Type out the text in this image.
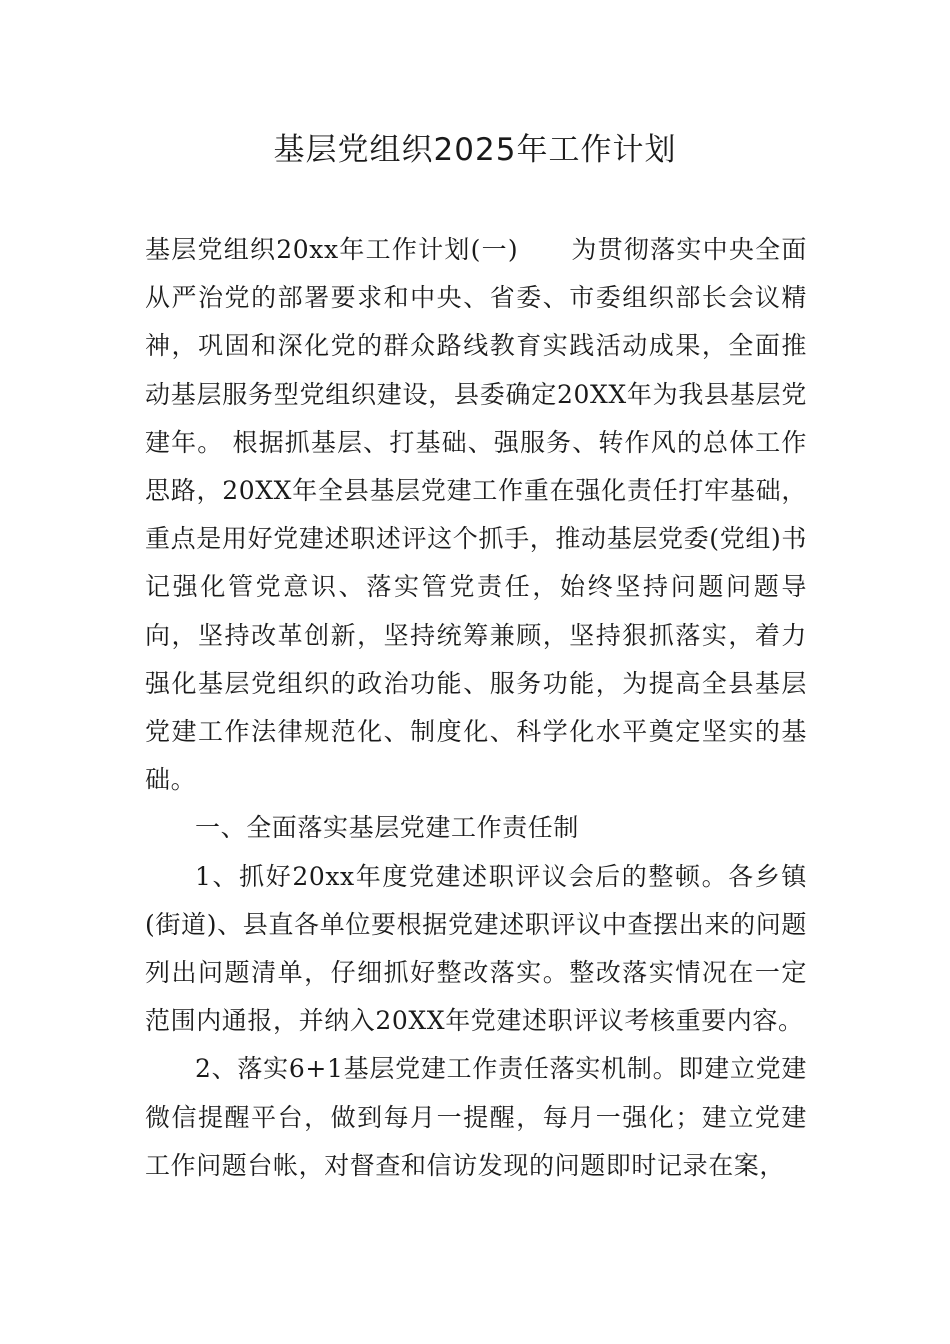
基层党组织2025年工作计划

基层党组织20xx年工作计划(一)　　为贯彻落实中央全面从严治党的部署要求和中央、省委、市委组织部长会议精神，巩固和深化党的群众路线教育实践活动成果，全面推动基层服务型党组织建设，县委确定20XX年为我县基层党建年。 根据抓基层、打基础、强服务、转作风的总体工作思路，20XX年全县基层党建工作重在强化责任打牢基础，重点是用好党建述职述评这个抓手，推动基层党委(党组)书记强化管党意识、落实管党责任，始终坚持问题问题导向，坚持改革创新，坚持统筹兼顾，坚持狠抓落实，着力强化基层党组织的政治功能、服务功能，为提高全县基层党建工作法律规范化、制度化、科学化水平奠定坚实的基础。

一、全面落实基层党建工作责任制

1、抓好20xx年度党建述职评议会后的整顿。各乡镇(街道)、县直各单位要根据党建述职评议中查摆出来的问题列出问题清单，仔细抓好整改落实。整改落实情况在一定范围内通报，并纳入20XX年党建述职评议考核重要内容。

2、落实6+1基层党建工作责任落实机制。即建立党建微信提醒平台，做到每月一提醒，每月一强化；建立党建工作问题台帐，对督查和信访发现的问题即时记录在案，
